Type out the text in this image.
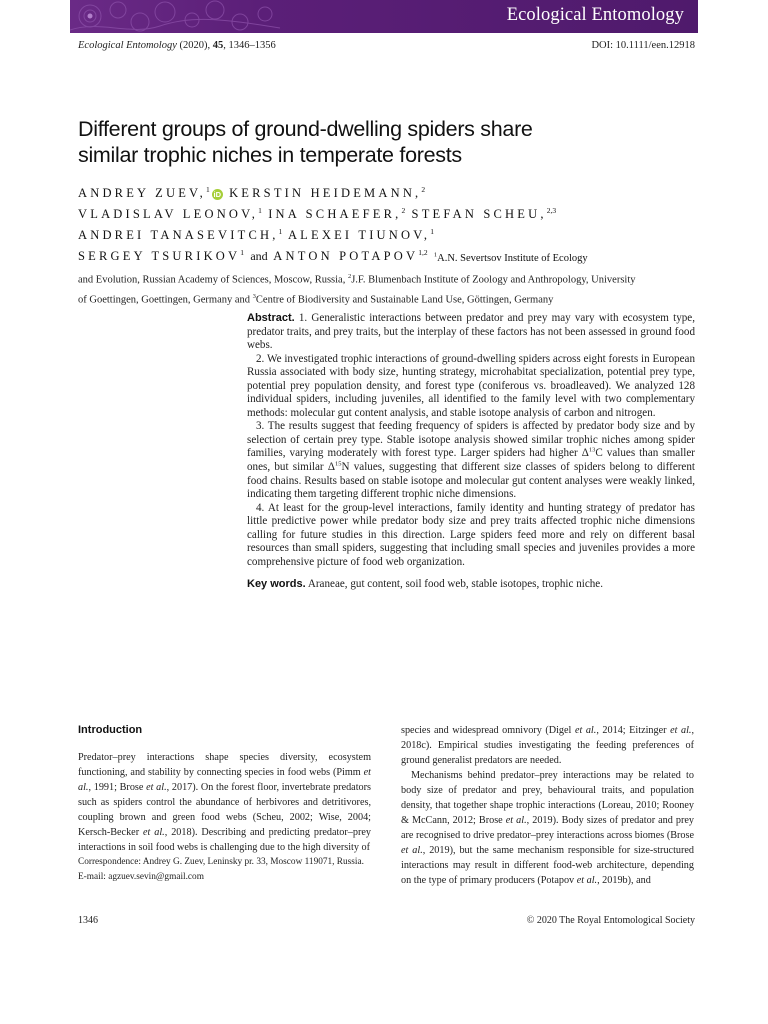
Ecological Entomology
Ecological Entomology (2020), 45, 1346–1356	DOI: 10.1111/een.12918
Different groups of ground-dwelling spiders share
similar trophic niches in temperate forests
ANDREY ZUEV,$^1$iD KERSTIN HEIDEMANN,$^2$
VLADISLAV LEONOV,$^1$ INA SCHAEFER,$^2$ STEFAN SCHEU,$^{2,3}$
ANDREI TANASEVITCH,$^1$ ALEXEI TIUNOV,$^1$
SERGEY TSURIKOV$^1$ and ANTON POTAPOV$^{1,2}$ $^1$A.N. Severtsov Institute of Ecology
and Evolution, Russian Academy of Sciences, Moscow, Russia, $^2$J.F. Blumenbach Institute of Zoology and Anthropology, University
of Goettingen, Goettingen, Germany and $^3$Centre of Biodiversity and Sustainable Land Use, Göttingen, Germany

Abstract. 1. Generalistic interactions between predator and prey may vary with ecosystem type, predator traits, and prey traits, but the interplay of these factors has not been assessed in ground food webs.

2. We investigated trophic interactions of ground-dwelling spiders across eight forests in European Russia associated with body size, hunting strategy, microhabitat specialization, potential prey type, potential prey population density, and forest type (coniferous vs. broadleaved). We analyzed 128 individual spiders, including juveniles, all identified to the family level with two complementary methods: molecular gut content analysis, and stable isotope analysis of carbon and nitrogen.

3. The results suggest that feeding frequency of spiders is affected by predator body size and by selection of certain prey type. Stable isotope analysis showed similar trophic niches among spider families, varying moderately with forest type. Larger spiders had higher $\Delta^{13}C$ values than smaller ones, but similar $\Delta^{15}N$ values, suggesting that different size classes of spiders belong to different food chains. Results based on stable isotope and molecular gut content analyses were weakly linked, indicating them targeting different trophic niche dimensions.

4. At least for the group-level interactions, family identity and hunting strategy of predator has little predictive power while predator body size and prey traits affected trophic niche dimensions calling for future studies in this direction. Large spiders feed more and rely on different basal resources than small spiders, suggesting that including small species and juveniles provides a more comprehensive picture of food web organization.

Key words. Araneae, gut content, soil food web, stable isotopes, trophic niche.

Introduction

Predator–prey interactions shape species diversity, ecosystem functioning, and stability by connecting species in food webs (Pimm et al., 1991; Brose et al., 2017). On the forest floor, invertebrate predators such as spiders control the abundance of herbivores and detritivores, coupling brown and green food webs (Scheu, 2002; Wise, 2004; Kersch-Becker et al., 2018). Describing and predicting predator–prey interactions in soil food webs is challenging due to the high diversity of

Correspondence: Andrey G. Zuev, Leninsky pr. 33, Moscow 119071, Russia. E-mail: agzuev.sevin@gmail.com

species and widespread omnivory (Digel et al., 2014; Eitzinger et al., 2018c). Empirical studies investigating the feeding preferences of ground generalist predators are needed.

Mechanisms behind predator–prey interactions may be related to body size of predator and prey, behavioural traits, and population density, that together shape trophic interactions (Loreau, 2010; Rooney & McCann, 2012; Brose et al., 2019). Body sizes of predator and prey are recognised to drive predator–prey interactions across biomes (Brose et al., 2019), but the same mechanism responsible for size-structured interactions may result in different food-web architecture, depending on the type of primary producers (Potapov et al., 2019b), and

1346	© 2020 The Royal Entomological Society
